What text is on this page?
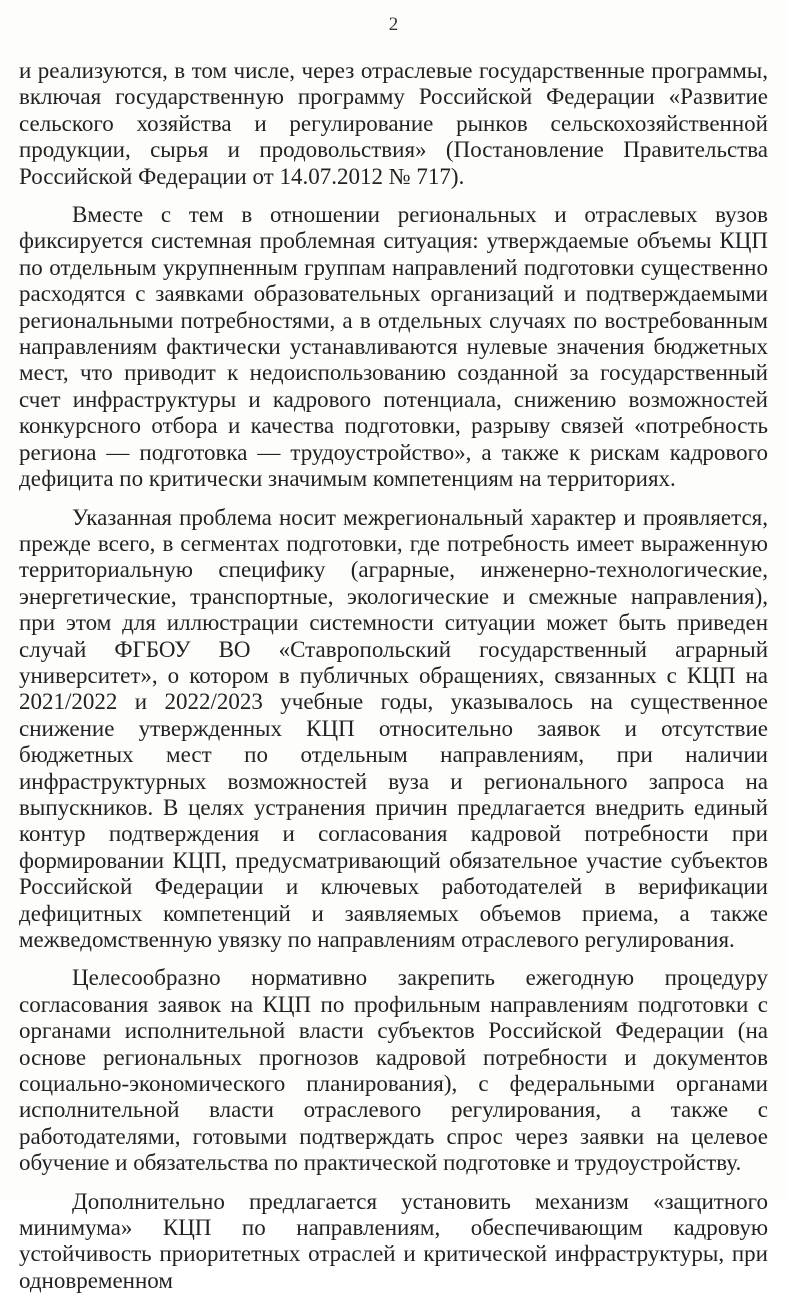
2

и реализуются, в том числе, через отраслевые государственные программы, включая государственную программу Российской Федерации «Развитие сельского хозяйства и регулирование рынков сельскохозяйственной продукции, сырья и продовольствия» (Постановление Правительства Российской Федерации от 14.07.2012 № 717).

Вместе с тем в отношении региональных и отраслевых вузов фиксируется системная проблемная ситуация: утверждаемые объемы КЦП по отдельным укрупненным группам направлений подготовки существенно расходятся с заявками образовательных организаций и подтверждаемыми региональными потребностями, а в отдельных случаях по востребованным направлениям фактически устанавливаются нулевые значения бюджетных мест, что приводит к недоиспользованию созданной за государственный счет инфраструктуры и кадрового потенциала, снижению возможностей конкурсного отбора и качества подготовки, разрыву связей «потребность региона — подготовка — трудоустройство», а также к рискам кадрового дефицита по критически значимым компетенциям на территориях.

Указанная проблема носит межрегиональный характер и проявляется, прежде всего, в сегментах подготовки, где потребность имеет выраженную территориальную специфику (аграрные, инженерно-технологические, энергетические, транспортные, экологические и смежные направления), при этом для иллюстрации системности ситуации может быть приведен случай ФГБОУ ВО «Ставропольский государственный аграрный университет», о котором в публичных обращениях, связанных с КЦП на 2021/2022 и 2022/2023 учебные годы, указывалось на существенное снижение утвержденных КЦП относительно заявок и отсутствие бюджетных мест по отдельным направлениям, при наличии инфраструктурных возможностей вуза и регионального запроса на выпускников. В целях устранения причин предлагается внедрить единый контур подтверждения и согласования кадровой потребности при формировании КЦП, предусматривающий обязательное участие субъектов Российской Федерации и ключевых работодателей в верификации дефицитных компетенций и заявляемых объемов приема, а также межведомственную увязку по направлениям отраслевого регулирования.

Целесообразно нормативно закрепить ежегодную процедуру согласования заявок на КЦП по профильным направлениям подготовки с органами исполнительной власти субъектов Российской Федерации (на основе региональных прогнозов кадровой потребности и документов социально-экономического планирования), с федеральными органами исполнительной власти отраслевого регулирования, а также с работодателями, готовыми подтверждать спрос через заявки на целевое обучение и обязательства по практической подготовке и трудоустройству.

Дополнительно предлагается установить механизм «защитного минимума» КЦП по направлениям, обеспечивающим кадровую устойчивость приоритетных отраслей и критической инфраструктуры, при одновременном
